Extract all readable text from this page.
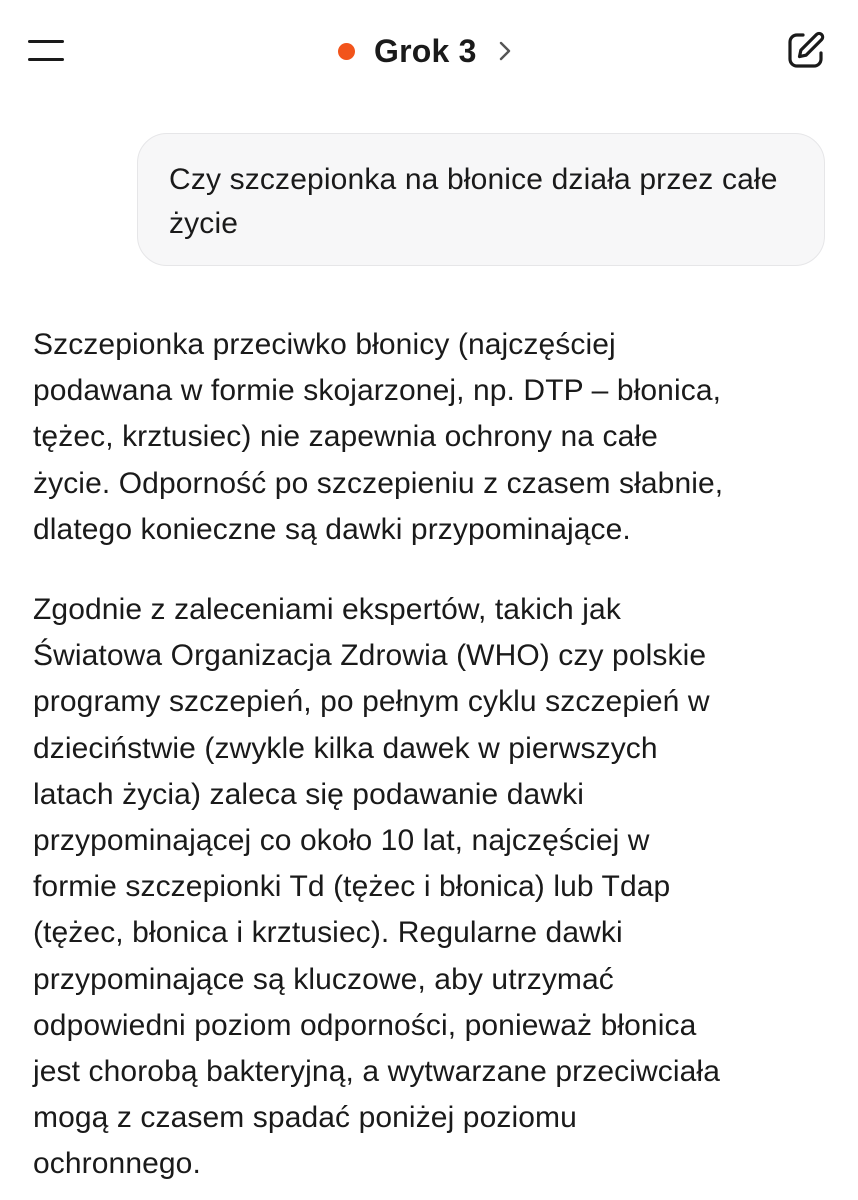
Grok 3

Czy szczepionka na błonice działa przez całe życie

Szczepionka przeciwko błonicy (najczęściej
podawana w formie skojarzonej, np. DTP – błonica,
tężec, krztusiec) nie zapewnia ochrony na całe
życie. Odporność po szczepieniu z czasem słabnie,
dlatego konieczne są dawki przypominające.

Zgodnie z zaleceniami ekspertów, takich jak
Światowa Organizacja Zdrowia (WHO) czy polskie
programy szczepień, po pełnym cyklu szczepień w
dzieciństwie (zwykle kilka dawek w pierwszych
latach życia) zaleca się podawanie dawki
przypominającej co około 10 lat, najczęściej w
formie szczepionki Td (tężec i błonica) lub Tdap
(tężec, błonica i krztusiec). Regularne dawki
przypominające są kluczowe, aby utrzymać
odpowiedni poziom odporności, ponieważ błonica
jest chorobą bakteryjną, a wytwarzane przeciwciała
mogą z czasem spadać poniżej poziomu
ochronnego.
